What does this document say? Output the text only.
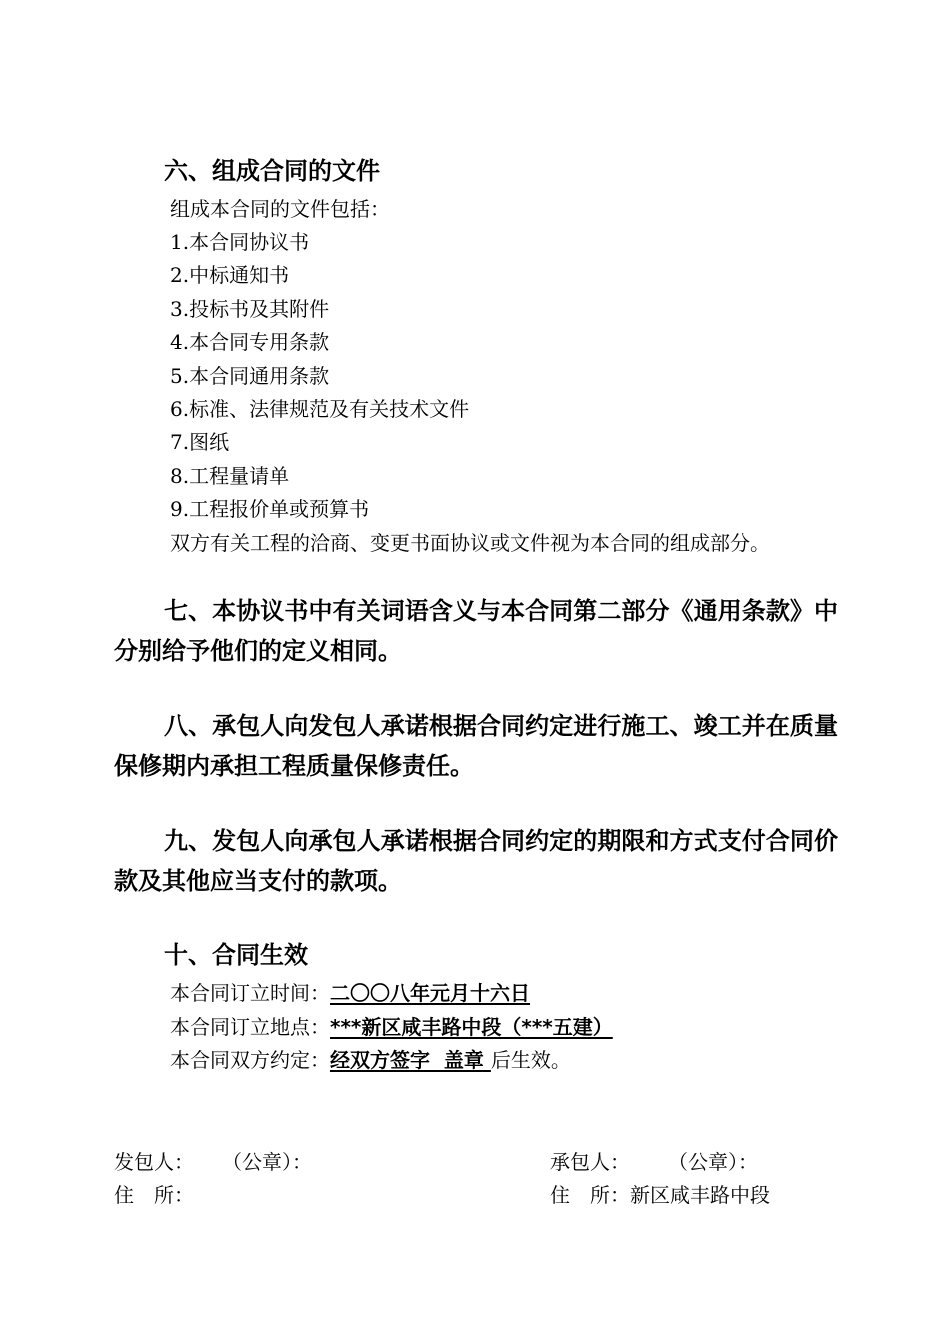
六、组成合同的文件
组成本合同的文件包括：
1.本合同协议书
2.中标通知书
3.投标书及其附件
4.本合同专用条款
5.本合同通用条款
6.标准、法律规范及有关技术文件
7.图纸
8.工程量请单
9.工程报价单或预算书
双方有关工程的洽商、变更书面协议或文件视为本合同的组成部分。
七、本协议书中有关词语含义与本合同第二部分《通用条款》中分别给予他们的定义相同。
八、承包人向发包人承诺根据合同约定进行施工、竣工并在质量保修期内承担工程质量保修责任。
九、发包人向承包人承诺根据合同约定的期限和方式支付合同价款及其他应当支付的款项。
十、合同生效
本合同订立时间：二〇〇八年元月十六日
本合同订立地点：***新区咸丰路中段（***五建）
本合同双方约定：经双方签字  盖章 后生效。
发包人： （公章）：
住　所：
承包人： （公章）：
住　所：新区咸丰路中段
